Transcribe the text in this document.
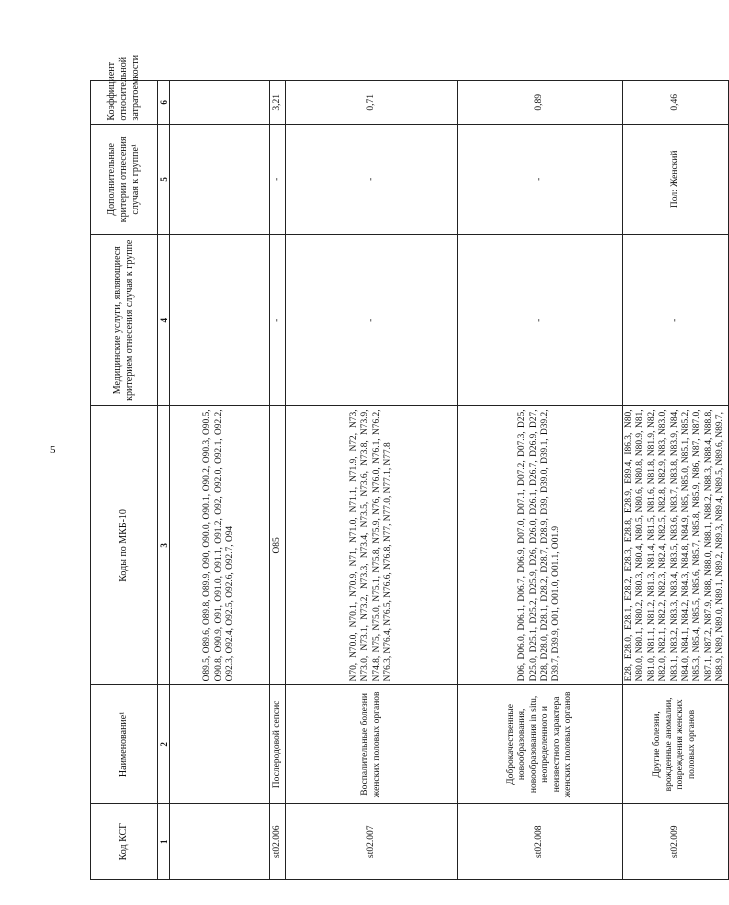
5
Код КСГ	Наименование¹	Коды по МКБ-10	Медицинские услуги, являющиеся критерием отнесения случая к группе	Дополнительные критерии отнесения случая к группе¹	Коэффициент относительной затратоемкости
1	2	3	4	5	6
		O89.5, O89.6, O89.8, O89.9, O90, O90.0, O90.1, O90.2, O90.3, O90.5, O90.8, O90.9, O91, O91.0, O91.1, O91.2, O92, O92.0, O92.1, O92.2, O92.3, O92.4, O92.5, O92.6, O92.7, O94			
st02.006	Послеродовой сепсис	O85	-	-	3,21
st02.007	Воспалительные болезни женских половых органов	N70, N70.0, N70.1, N70.9, N71, N71.0, N71.1, N71.9, N72, N73, N73.0, N73.1, N73.2, N73.3, N73.4, N73.5, N73.6, N73.8, N73.9, N74.8, N75, N75.0, N75.1, N75.8, N75.9, N76, N76.0, N76.1, N76.2, N76.3, N76.4, N76.5, N76.6, N76.8, N77, N77.0, N77.1, N77.8	-	-	0,71
st02.008	Доброкачественные новообразования, новообразования in situ, неопределенного и неизвестного характера женских половых органов	D06, D06.0, D06.1, D06.7, D06.9, D07.0, D07.1, D07.2, D07.3, D25, D25.0, D25.1, D25.2, D25.9, D26, D26.0, D26.1, D26.7, D26.9, D27, D28, D28.0, D28.1, D28.2, D28.7, D28.9, D39, D39.0, D39.1, D39.2, D39.7, D39.9, O01, O01.0, O01.1, O01.9	-	-	0,89
st02.009	Другие болезни, врожденные аномалии, повреждения женских половых органов	E28, E28.0, E28.1, E28.2, E28.3, E28.8, E28.9, E89.4, I86.3, N80, N80.0, N80.1, N80.2, N80.3, N80.4, N80.5, N80.6, N80.8, N80.9, N81, N81.0, N81.1, N81.2, N81.3, N81.4, N81.5, N81.6, N81.8, N81.9, N82, N82.0, N82.1, N82.2, N82.3, N82.4, N82.5, N82.8, N82.9, N83, N83.0, N83.1, N83.2, N83.3, N83.4, N83.5, N83.6, N83.7, N83.8, N83.9, N84, N84.0, N84.1, N84.2, N84.3, N84.8, N84.9, N85, N85.0, N85.1, N85.2, N85.3, N85.4, N85.5, N85.6, N85.7, N85.8, N85.9, N86, N87, N87.0, N87.1, N87.2, N87.9, N88, N88.0, N88.1, N88.2, N88.3, N88.4, N88.8, N88.9, N89, N89.0, N89.1, N89.2, N89.3, N89.4, N89.5, N89.6, N89.7,	-	Пол: Женский	0,46
